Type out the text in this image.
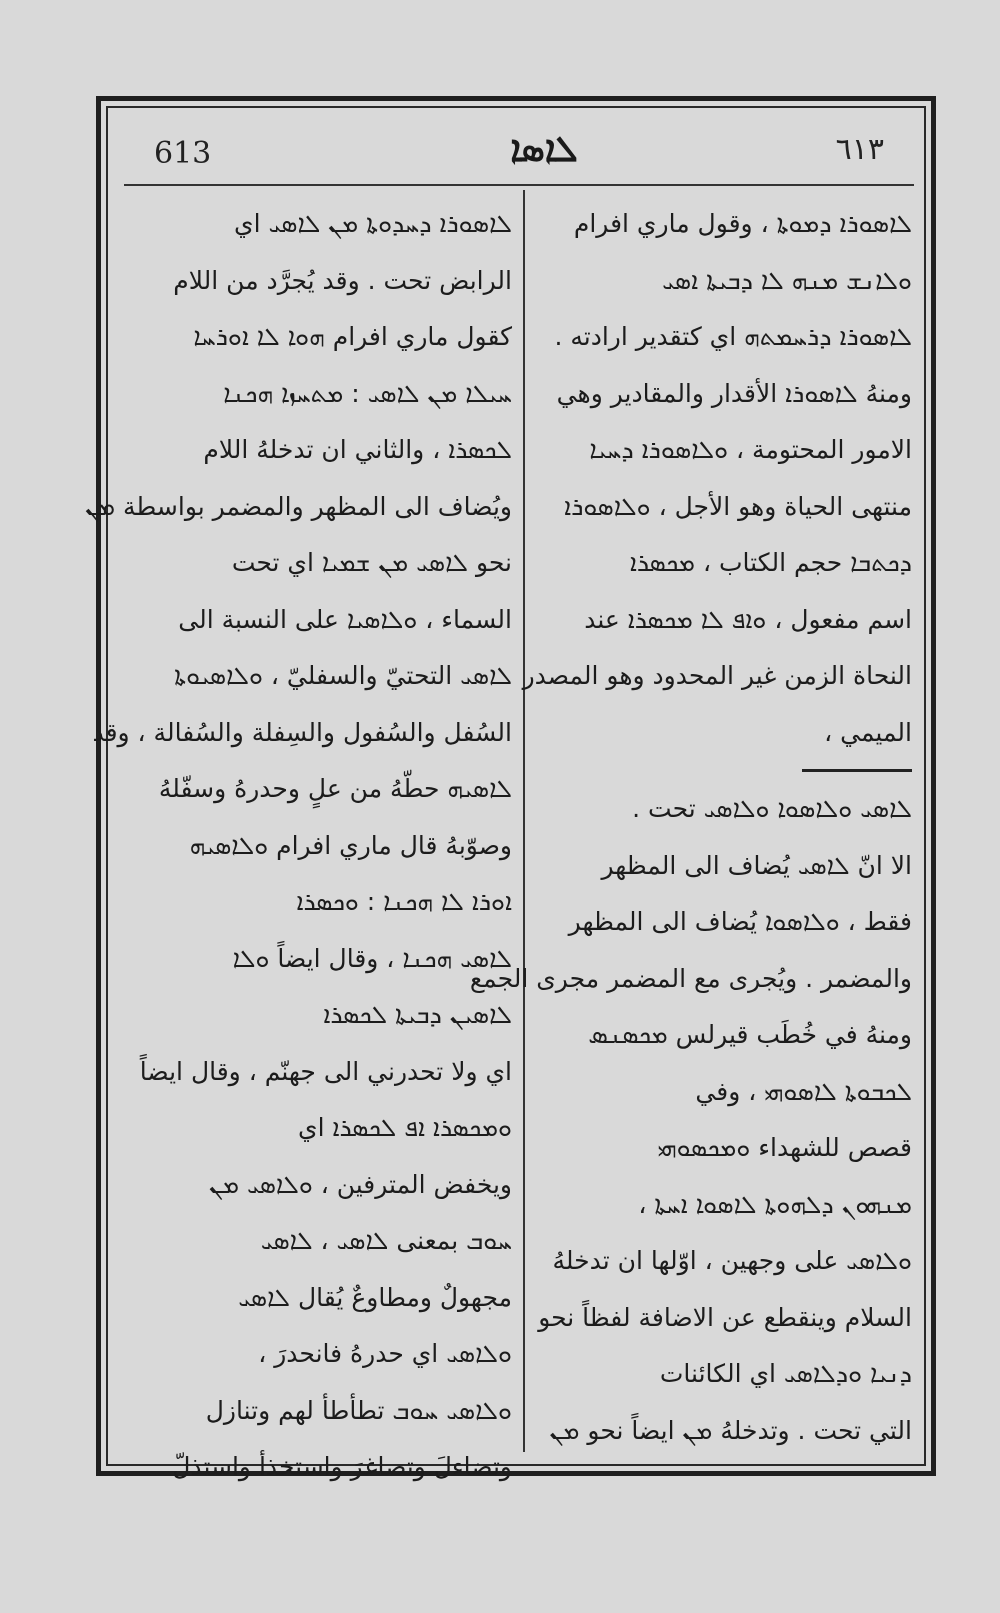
613	ܠܐܣܐ	٦١٣
ܠܐܣܘܪܐ ܕܡܘܬܐ ، وقول ماري افرام
ܘܠܐܢܫ ܡܢܗ ܠܐ ܕܒܝܬܐ ܐܣܝ
ܠܐܣܘܪܐ ܕܪܚܡܬܗ اي كتقدير ارادته .
ومنهُ ܠܐܣܘܪܐ الأقدار والمقادير وهي
الامور المحتومة ، ܘܠܐܣܘܪܐ ܕܚܝܐ
منتهى الحياة وهو الأجل ، ܘܠܐܣܘܪܐ
ܕܟܬܒܐ حجم الكتاب ، ܡܟܣܪܐ
اسم مفعول ، ܘܐܦ ܠܐ ܡܟܣܪܐ عند
النحاة الزمن غير المحدود وهو المصدر
الميمي ،
ܠܐܣܝ ܘܠܐܣܘܐ ܘܠܐܣܝ تحت .
الا انّ ܠܐܣܝ يُضاف الى المظهر
فقط ، ܘܠܐܣܘܐ يُضاف الى المظهر
والمضمر . ويُجرى مع المضمر مجرى الجمع
ومنهُ في خُطَب قيرلس ܡܟܣܢܣ
ܠܟܒܘܬܐ ܠܐܣܘܗܝ ، وفي
قصص للشهداء ܘܡܟܣܘܗܝ
ܡܢܗܘܢ ܕܠܗܘܬܐ ܠܐܣܘܐ ܐܚܬܐ ،
ܘܠܐܣܝ على وجهين ، اوّلها ان تدخلهُ
السلام وينقطع عن الاضافة لفظاً نحو
ܕܢܝܐ ܘܕܠܐܣܝ اي الكائنات
التي تحت . وتدخلهُ ܡܢ ايضاً نحو ܡܢ
ܠܐܣܘܪܐ ܕܚܕܘܬܐ ܡܢ ܠܐܣܝ اي
الرابض تحت . وقد يُجرَّد من اللام
كقول ماري افرام ܗܘܐ ܠܐ ܐܘܪܚܐ
ܚܝܠܐ ܡܢ ܠܐܣܝ : ܡܬܚܙܐ ܗܟܢܐ
ܠܟܣܪܐ ، والثاني ان تدخلهُ اللام
ويُضاف الى المظهر والمضمر بواسطة ܡܢ
نحو ܠܐܣܝ ܡܢ ܫܡܝܐ اي تحت
السماء ، ܘܠܐܣܝܐ على النسبة الى
ܠܐܣܝ التحتيّ والسفليّ ، ܘܠܐܣܝܘܬܐ
السُفل والسُفول والسِفلة والسُفالة ، وقد
ܠܐܣܝܗ حطّهُ من علٍ وحدرهُ وسفّلهُ
وصوّبهُ قال ماري افرام ܘܠܐܣܝܗ
ܐܘܪܐ ܠܐ ܗܟܢܐ : ܘܟܣܪܐ
ܠܐܣܝ ܗܟܢܐ ، وقال ايضاً ܘܠܐ
ܠܐܣܝܢ ܕܒܝܬܐ ܠܟܣܪܐ
اي ولا تحدرني الى جهنّم ، وقال ايضاً
ܘܡܟܣܪܐ ܐܦ ܠܟܣܪܐ اي
ويخفض المترفين ، ܘܠܐܣܝ ܡܢ
ܚܘܒ بمعنى ܠܐܣܝ ، ܠܐܣܝ
مجهولٌ ومطاوعٌ يُقال ܠܐܣܝ
ܘܠܐܣܝ اي حدرهُ فانحدرَ ،
ܘܠܐܣܝ ܚܘܒ تطأطأ لهم وتنازل
وتضاءلَ وتصاغرَ واستخذأ واستذلّ
